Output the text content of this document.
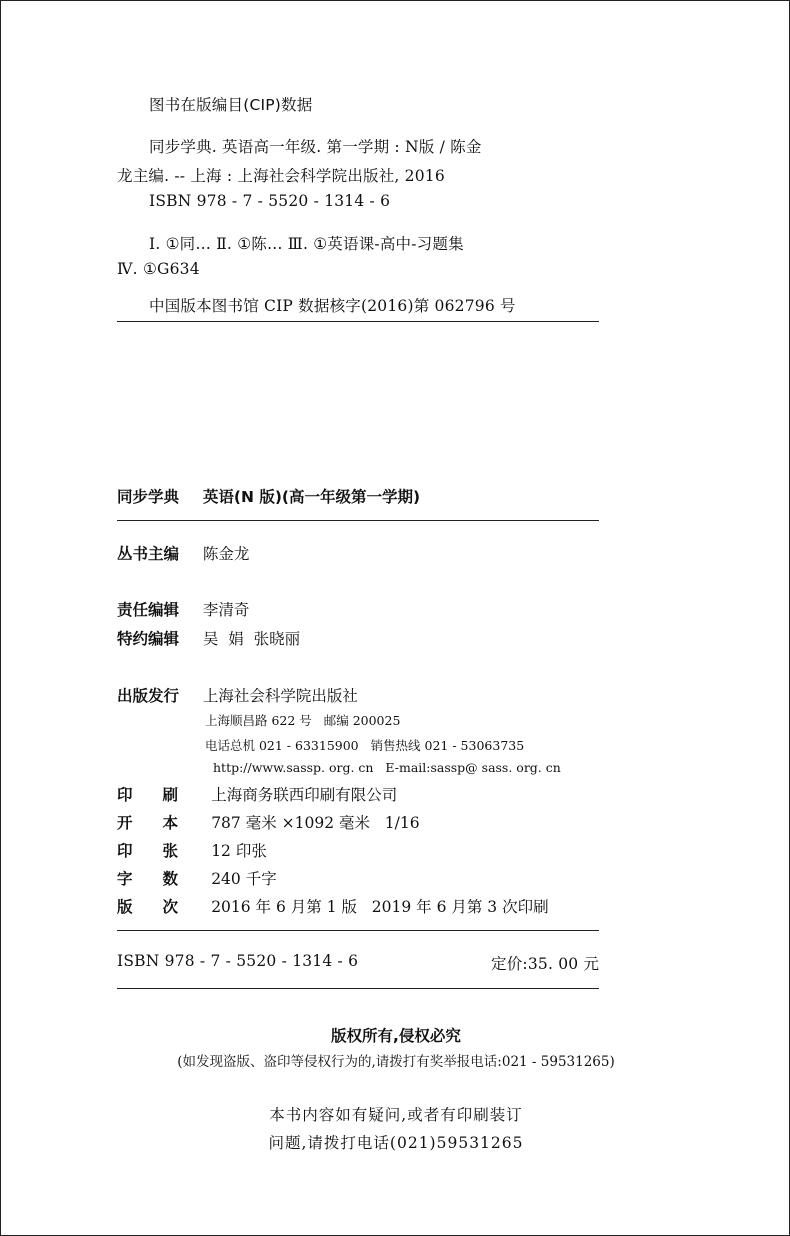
图书在版编目(CIP)数据
同步学典. 英语高一年级. 第一学期 : N版 / 陈金
龙主编. -- 上海 : 上海社会科学院出版社, 2016
ISBN 978 - 7 - 5520 - 1314 - 6
Ⅰ. ①同… Ⅱ. ①陈… Ⅲ. ①英语课-高中-习题集
Ⅳ. ①G634
中国版本图书馆 CIP 数据核字(2016)第 062796 号
同步学典 英语(N 版)(高一年级第一学期)
丛书主编 陈金龙
责任编辑 李清奇
特约编辑 吴  娟  张晓丽
出版发行 上海社会科学院出版社
上海顺昌路 622 号   邮编 200025
电话总机 021 - 63315900   销售热线 021 - 53063735
http://www.sassp. org. cn   E-mail:sassp@ sass. org. cn
印刷 上海商务联西印刷有限公司
开本 787 毫米 ×1092 毫米   1/16
印张 12 印张
字数 240 千字
版次 2016 年 6 月第 1 版   2019 年 6 月第 3 次印刷
ISBN 978 - 7 - 5520 - 1314 - 6	定价:35. 00 元
版权所有,侵权必究
(如发现盗版、盗印等侵权行为的,请拨打有奖举报电话:021 - 59531265)
本书内容如有疑问,或者有印刷装订
问题,请拨打电话(021)59531265
